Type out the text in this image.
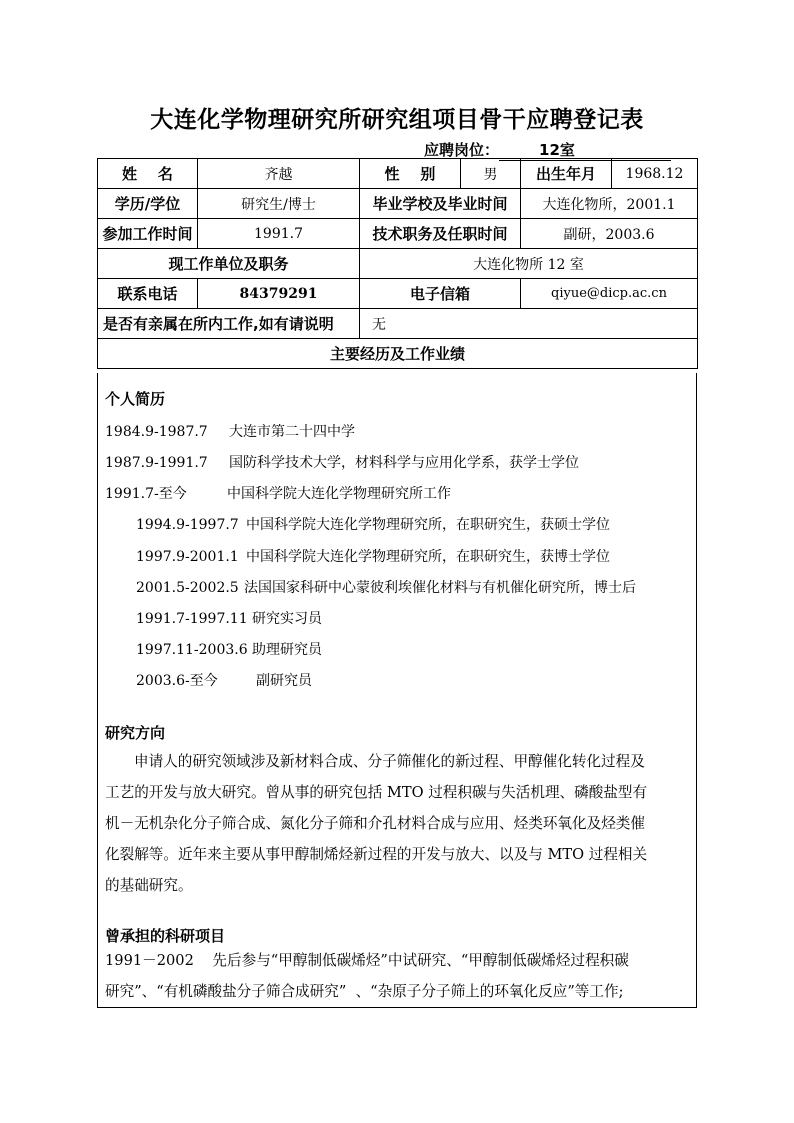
大连化学物理研究所研究组项目骨干应聘登记表
应聘岗位：	12室
姓    名	齐越	性    别	男	出生年月	1968.12
学历/学位	研究生/博士	毕业学校及毕业时间		大连化物所，2001.1	
参加工作时间	1991.7	技术职务及任职时间		副研，2003.6	
现工作单位及职务		大连化物所 12 室			
联系电话	84379291	电子信箱		qiyue@dicp.ac.cn	
是否有亲属在所内工作,如有请说明		无			
主要经历及工作业绩					
个人简历
1984.9-1987.7 大连市第二十四中学
1987.9-1991.7 国防科学技术大学，材料科学与应用化学系，获学士学位
1991.7-至今	中国科学院大连化学物理研究所工作
1994.9-1997.7 中国科学院大连化学物理研究所，在职研究生，获硕士学位
1997.9-2001.1 中国科学院大连化学物理研究所，在职研究生，获博士学位
2001.5-2002.5 法国国家科研中心蒙彼利埃催化材料与有机催化研究所，博士后
1991.7-1997.11 研究实习员
1997.11-2003.6 助理研究员
2003.6-至今	副研究员
研究方向
申请人的研究领域涉及新材料合成、分子筛催化的新过程、甲醇催化转化过程及
工艺的开发与放大研究。曾从事的研究包括 MTO 过程积碳与失活机理、磷酸盐型有
机－无机杂化分子筛合成、氮化分子筛和介孔材料合成与应用、烃类环氧化及烃类催
化裂解等。近年来主要从事甲醇制烯烃新过程的开发与放大、以及与 MTO 过程相关
的基础研究。
曾承担的科研项目
1991－2002    先后参与“甲醇制低碳烯烃”中试研究、“甲醇制低碳烯烃过程积碳
研究”、“有机磷酸盐分子筛合成研究”  、“杂原子分子筛上的环氧化反应”等工作;
